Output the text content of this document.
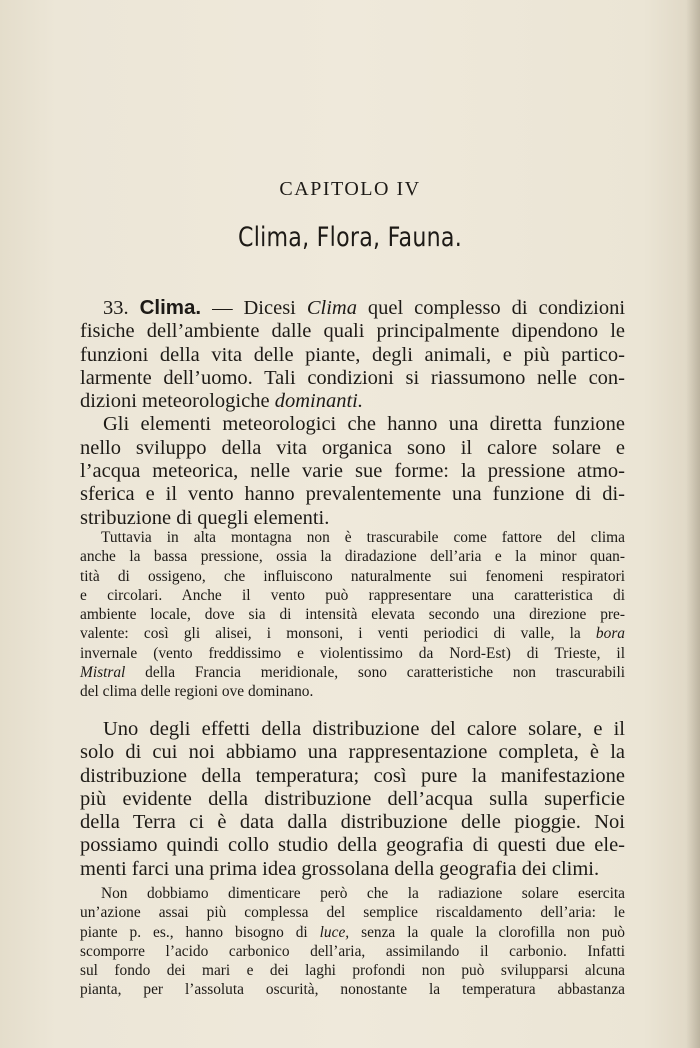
CAPITOLO IV
Clima, Flora, Fauna.
33. Clima. — Dicesi Clima quel complesso di condizioni
fisiche dell’ambiente dalle quali principalmente dipendono le
funzioni della vita delle piante, degli animali, e più partico-
larmente dell’uomo. Tali condizioni si riassumono nelle con-
dizioni meteorologiche dominanti.
Gli elementi meteorologici che hanno una diretta funzione
nello sviluppo della vita organica sono il calore solare e
l’acqua meteorica, nelle varie sue forme: la pressione atmo-
sferica e il vento hanno prevalentemente una funzione di di-
stribuzione di quegli elementi.
Tuttavia in alta montagna non è trascurabile come fattore del clima
anche la bassa pressione, ossia la diradazione dell’aria e la minor quan-
tità di ossigeno, che influiscono naturalmente sui fenomeni respiratori
e circolari. Anche il vento può rappresentare una caratteristica di
ambiente locale, dove sia di intensità elevata secondo una direzione pre-
valente: così gli alisei, i monsoni, i venti periodici di valle, la bora
invernale (vento freddissimo e violentissimo da Nord-Est) di Trieste, il
Mistral della Francia meridionale, sono caratteristiche non trascurabili
del clima delle regioni ove dominano.
Uno degli effetti della distribuzione del calore solare, e il
solo di cui noi abbiamo una rappresentazione completa, è la
distribuzione della temperatura; così pure la manifestazione
più evidente della distribuzione dell’acqua sulla superficie
della Terra ci è data dalla distribuzione delle pioggie. Noi
possiamo quindi collo studio della geografia di questi due ele-
menti farci una prima idea grossolana della geografia dei climi.
Non dobbiamo dimenticare però che la radiazione solare esercita
un’azione assai più complessa del semplice riscaldamento dell’aria: le
piante p. es., hanno bisogno di luce, senza la quale la clorofilla non può
scomporre l’acido carbonico dell’aria, assimilando il carbonio. Infatti
sul fondo dei mari e dei laghi profondi non può svilupparsi alcuna
pianta, per l’assoluta oscurità, nonostante la temperatura abbastanza
